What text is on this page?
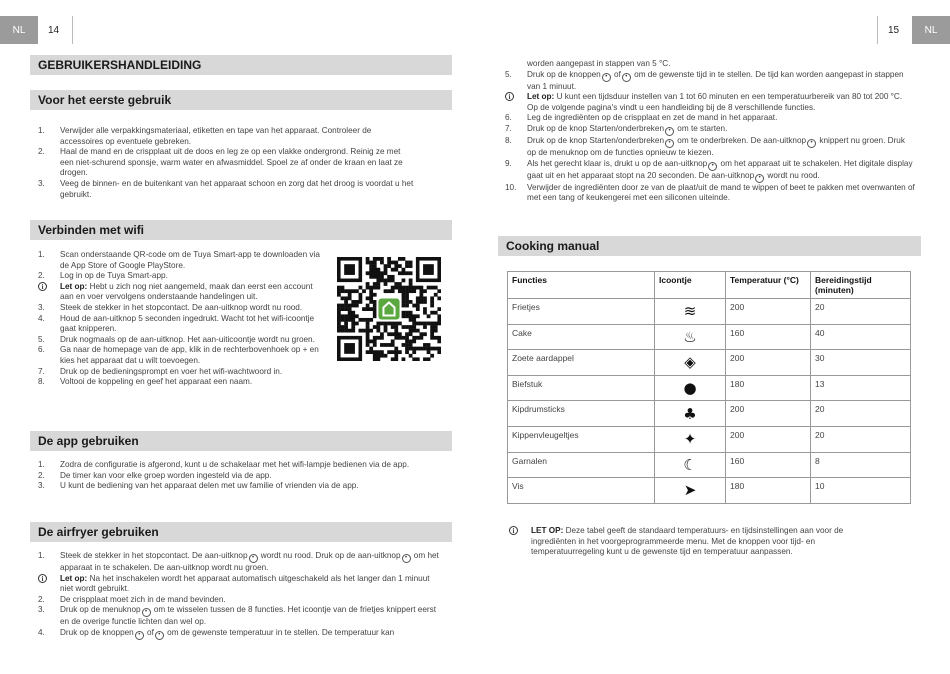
NL 14	15	NL
GEBRUIKERSHANDLEIDING
Voor het eerste gebruik
1.	Verwijder alle verpakkingsmateriaal, etiketten en tape van het apparaat. Controleer de accessoires op eventuele gebreken.
2.	Haal de mand en de crispplaat uit de doos en leg ze op een vlakke ondergrond. Reinig ze met een niet-schurend sponsje, warm water en afwasmiddel. Spoel ze af onder de kraan en laat ze drogen.
3.	Veeg de binnen- en de buitenkant van het apparaat schoon en zorg dat het droog is voordat u het gebruikt.
Verbinden met wifi
1.	Scan onderstaande QR-code om de Tuya Smart-app te downloaden via de App Store of Google PlayStore.
2.	Log in op de Tuya Smart-app.
i	Let op: Hebt u zich nog niet aangemeld, maak dan eerst een account aan en voer vervolgens onderstaande handelingen uit.
3.	Steek de stekker in het stopcontact. De aan-uitknop wordt nu rood.
4.	Houd de aan-uitknop 5 seconden ingedrukt. Wacht tot het wifi-icoontje gaat knipperen.
5.	Druk nogmaals op de aan-uitknop. Het aan-uiticoontje wordt nu groen.
6.	Ga naar de homepage van de app, klik in de rechterbovenhoek op + en kies het apparaat dat u wilt toevoegen.
7.	Druk op de bedieningsprompt en voer het wifi-wachtwoord in.
8.	Voltooi de koppeling en geef het apparaat een naam.
De app gebruiken
1.	Zodra de configuratie is afgerond, kunt u de schakelaar met het wifi-lampje bedienen via de app.
2.	De timer kan voor elke groep worden ingesteld via de app.
3.	U kunt de bediening van het apparaat delen met uw familie of vrienden via de app.
De airfryer gebruiken
1.	Steek de stekker in het stopcontact. De aan-uitknop • wordt nu rood. Druk op de aan-uitknop • om het apparaat in te schakelen. De aan-uitknop wordt nu groen.
i	Let op: Na het inschakelen wordt het apparaat automatisch uitgeschakeld als het langer dan 1 minuut niet wordt gebruikt.
2.	De crispplaat moet zich in de mand bevinden.
3.	Druk op de menuknop • om te wisselen tussen de 8 functies. Het icoontje van de frietjes knippert eerst en de overige functie lichten dan wel op.
4.	Druk op de knoppen • of • om de gewenste temperatuur in te stellen. De temperatuur kan
worden aangepast in stappen van 5 °C.
5.	Druk op de knoppen • of • om de gewenste tijd in te stellen. De tijd kan worden aangepast in stappen van 1 minuut.
i	Let op: U kunt een tijdsduur instellen van 1 tot 60 minuten en een temperatuurbereik van 80 tot 200 °C. Op de volgende pagina's vindt u een handleiding bij de 8 verschillende functies.
6.	Leg de ingrediënten op de crispplaat en zet de mand in het apparaat.
7.	Druk op de knop Starten/onderbreken • om te starten.
8.	Druk op de knop Starten/onderbreken • om te onderbreken. De aan-uitknop • knippert nu groen. Druk op de menuknop om de functies opnieuw te kiezen.
9.	Als het gerecht klaar is, drukt u op de aan-uitknop • om het apparaat uit te schakelen. Het digitale display gaat uit en het apparaat stopt na 20 seconden. De aan-uitknop • wordt nu rood.
10.	Verwijder de ingrediënten door ze van de plaat/uit de mand te wippen of beet te pakken met ovenwanten of met een tang of keukengerei met een siliconen uiteinde.
Cooking manual
Functies	Icoontje	Temperatuur (°C)	Bereidingstijd (minuten)
Frietjes	≋	200	20
Cake	♨	160	40
Zoete aardappel	◈	200	30
Biefstuk	●	180	13
Kipdrumsticks	♣	200	20
Kippenvleugeltjes	✦	200	20
Garnalen	☾	160	8
Vis	➤	180	10
i	LET OP: Deze tabel geeft de standaard temperatuurs- en tijdsinstellingen aan voor de ingrediënten in het voorgeprogrammeerde menu. Met de knoppen voor tijd- en temperatuurregeling kunt u de gewenste tijd en temperatuur aanpassen.
